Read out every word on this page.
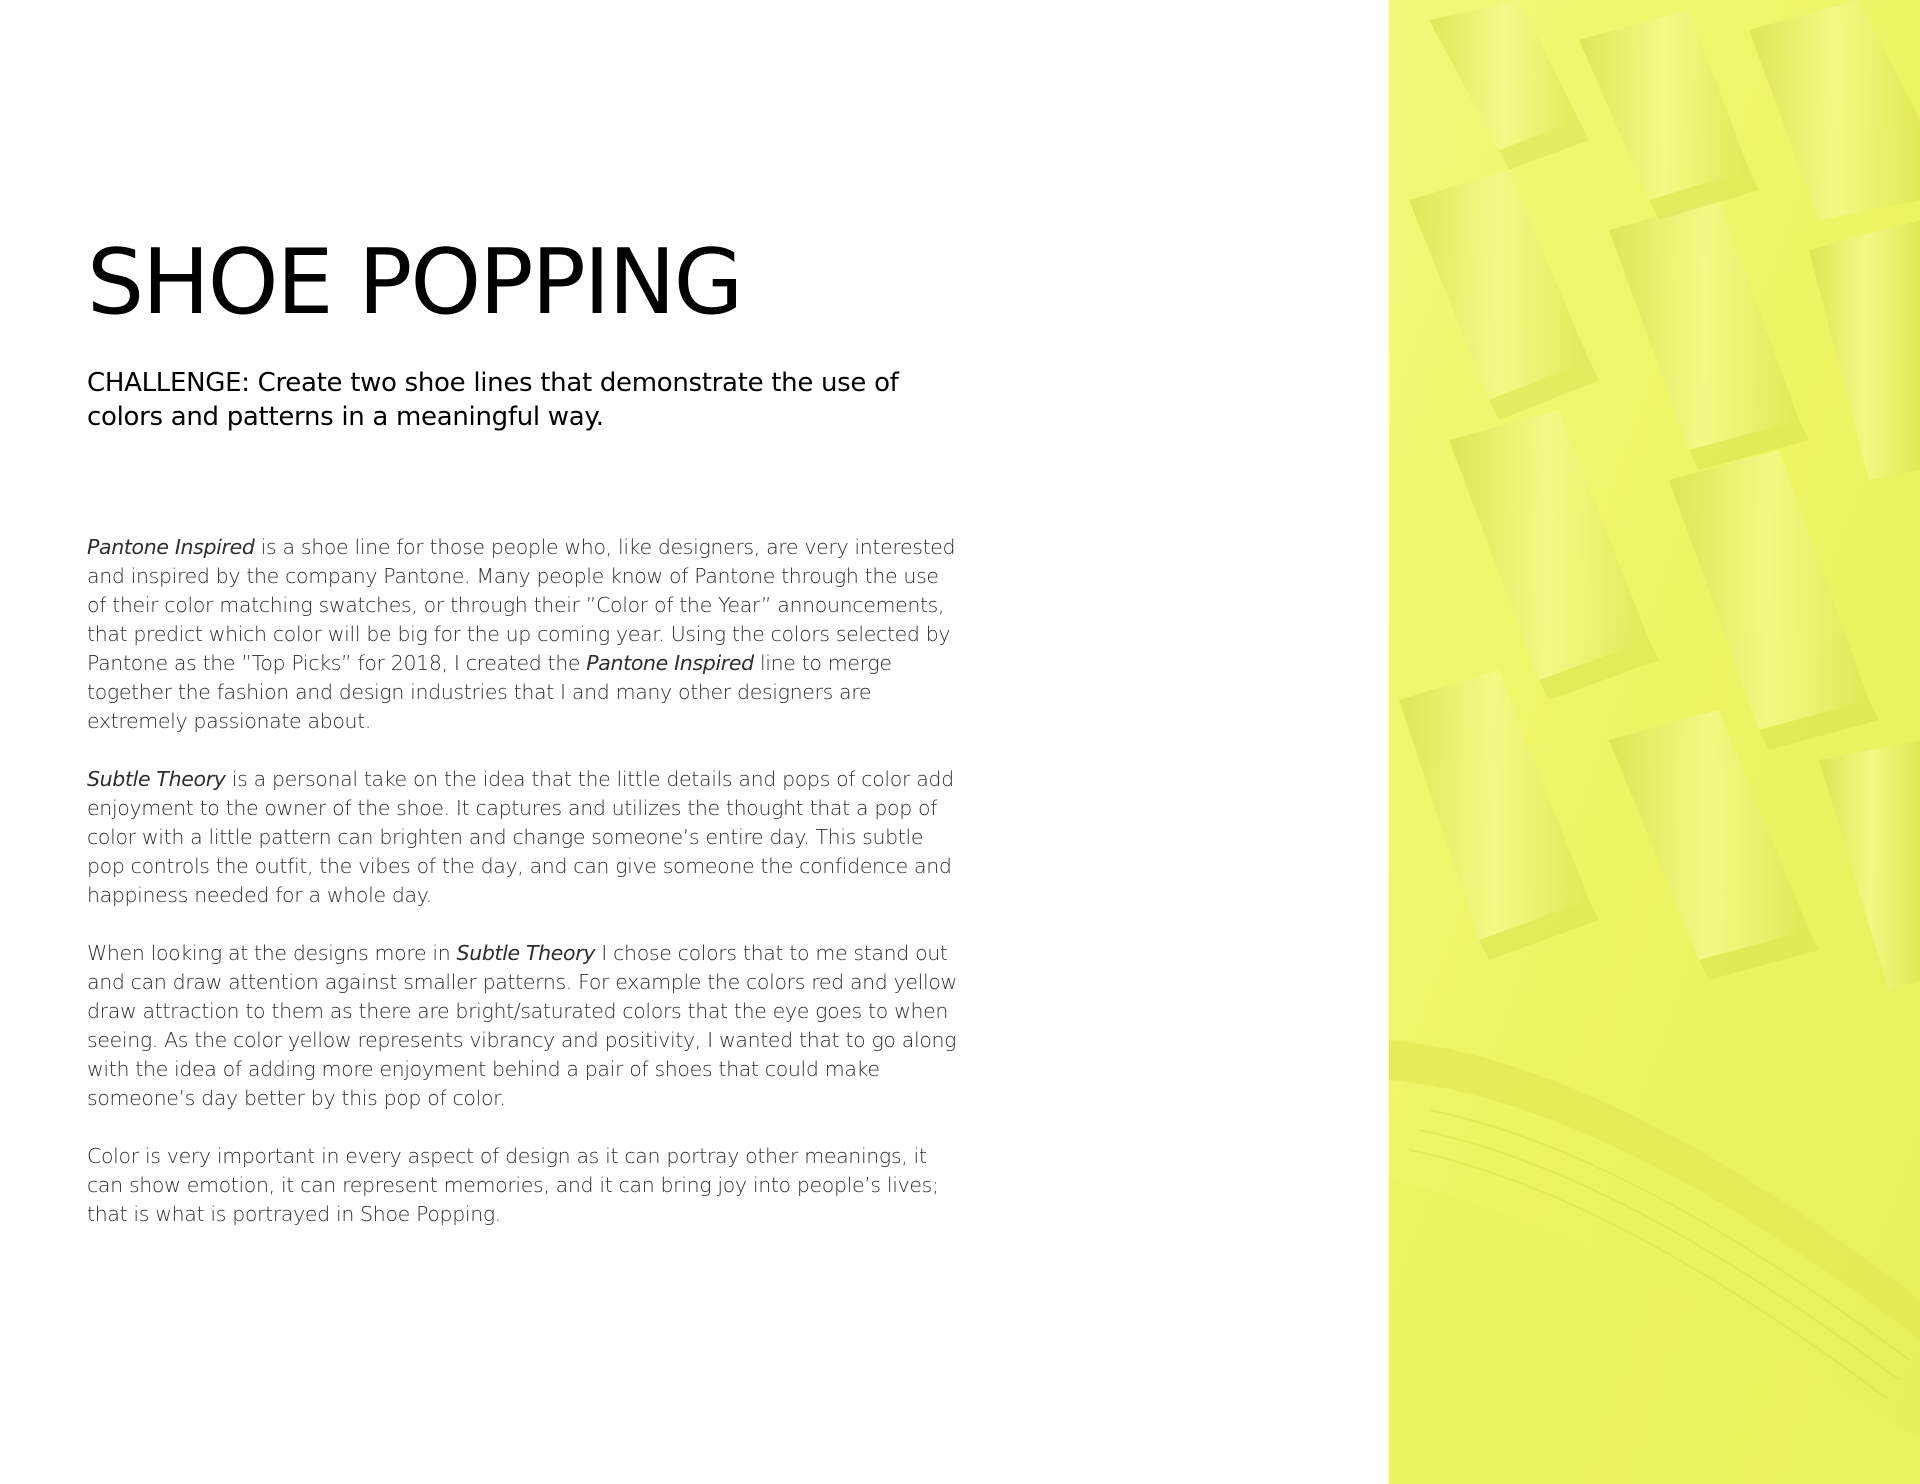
SHOE POPPING

CHALLENGE: Create two shoe lines that demonstrate the use of colors and patterns in a meaningful way.

Pantone Inspired is a shoe line for those people who, like designers, are very interested and inspired by the company Pantone. Many people know of Pantone through the use of their color matching swatches, or through their ”Color of the Year” announcements, that predict which color will be big for the up coming year. Using the colors selected by Pantone as the ”Top Picks” for 2018, I created the Pantone Inspired line to merge together the fashion and design industries that I and many other designers are extremely passionate about.

Subtle Theory is a personal take on the idea that the little details and pops of color add enjoyment to the owner of the shoe. It captures and utilizes the thought that a pop of color with a little pattern can brighten and change someone’s entire day. This subtle pop controls the outfit, the vibes of the day, and can give someone the confidence and happiness needed for a whole day.

When looking at the designs more in Subtle Theory I chose colors that to me stand out and can draw attention against smaller patterns. For example the colors red and yellow draw attraction to them as there are bright/saturated colors that the eye goes to when seeing. As the color yellow represents vibrancy and positivity, I wanted that to go along with the idea of adding more enjoyment behind a pair of shoes that could make someone’s day better by this pop of color.

Color is very important in every aspect of design as it can portray other meanings, it can show emotion, it can represent memories, and it can bring joy into people’s lives; that is what is portrayed in Shoe Popping.
